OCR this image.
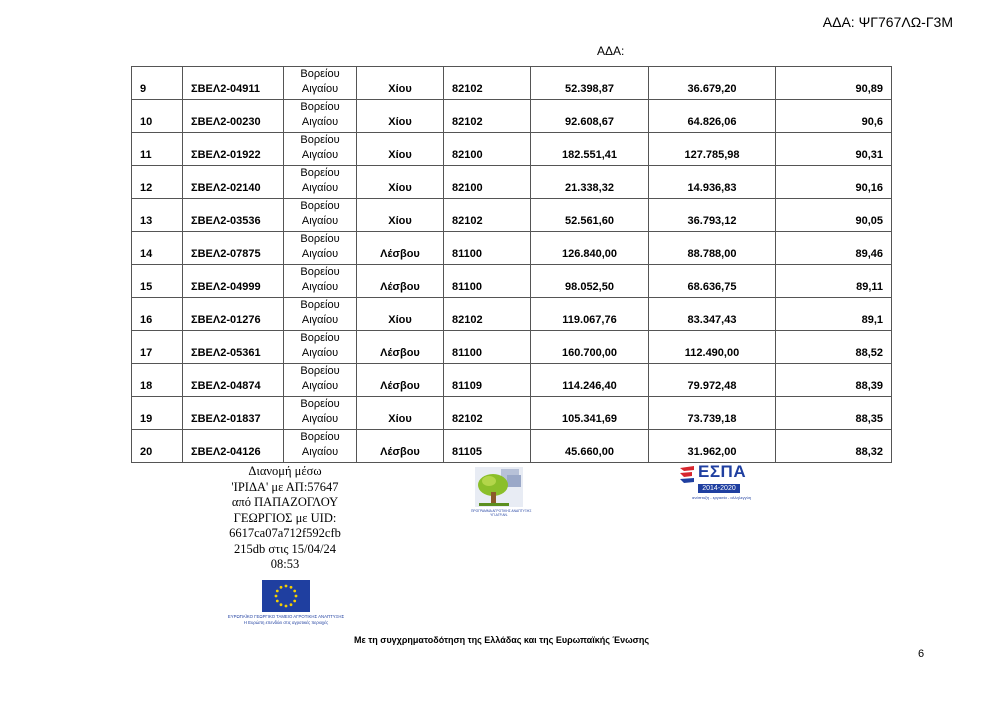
ΑΔΑ: ΨΓ767ΛΩ-Γ3Μ
ΑΔΑ:
9	ΣΒΕΛ2-04911	Βορείου
Αιγαίου	Χίου	82102	52.398,87	36.679,20	90,89
10	ΣΒΕΛ2-00230	Βορείου
Αιγαίου	Χίου	82102	92.608,67	64.826,06	90,6
11	ΣΒΕΛ2-01922	Βορείου
Αιγαίου	Χίου	82100	182.551,41	127.785,98	90,31
12	ΣΒΕΛ2-02140	Βορείου
Αιγαίου	Χίου	82100	21.338,32	14.936,83	90,16
13	ΣΒΕΛ2-03536	Βορείου
Αιγαίου	Χίου	82102	52.561,60	36.793,12	90,05
14	ΣΒΕΛ2-07875	Βορείου
Αιγαίου	Λέσβου	81100	126.840,00	88.788,00	89,46
15	ΣΒΕΛ2-04999	Βορείου
Αιγαίου	Λέσβου	81100	98.052,50	68.636,75	89,11
16	ΣΒΕΛ2-01276	Βορείου
Αιγαίου	Χίου	82102	119.067,76	83.347,43	89,1
17	ΣΒΕΛ2-05361	Βορείου
Αιγαίου	Λέσβου	81100	160.700,00	112.490,00	88,52
18	ΣΒΕΛ2-04874	Βορείου
Αιγαίου	Λέσβου	81109	114.246,40	79.972,48	88,39
19	ΣΒΕΛ2-01837	Βορείου
Αιγαίου	Χίου	82102	105.341,69	73.739,18	88,35
20	ΣΒΕΛ2-04126	Βορείου
Αιγαίου	Λέσβου	81105	45.660,00	31.962,00	88,32
Διανομή μέσω
'ΙΡΙΔΑ' με ΑΠ:57647
από ΠΑΠΑΖΟΓΛΟΥ
ΓΕΩΡΓΙΟΣ με UID:
6617ca07a712f592cfb
215db στις 15/04/24
08:53
ΠΡΟΓΡΑΜΜΑ ΑΓΡΟΤΙΚΗΣ ΑΝΑΠΤΥΞΗΣ
ΥΠ.ΑΓΡ.ΑΝ.
ΕΣΠΑ
2014-2020
ανάπτυξη - εργασία - αλληλεγγύη
ΕΥΡΩΠΑΪΚΟ ΓΕΩΡΓΙΚΟ ΤΑΜΕΙΟ ΑΓΡΟΤΙΚΗΣ ΑΝΑΠΤΥΞΗΣ
Η Ευρώπη επενδύει στις αγροτικές περιοχές
Με τη συγχρηματοδότηση της Ελλάδας και της Ευρωπαϊκής Ένωσης
6
